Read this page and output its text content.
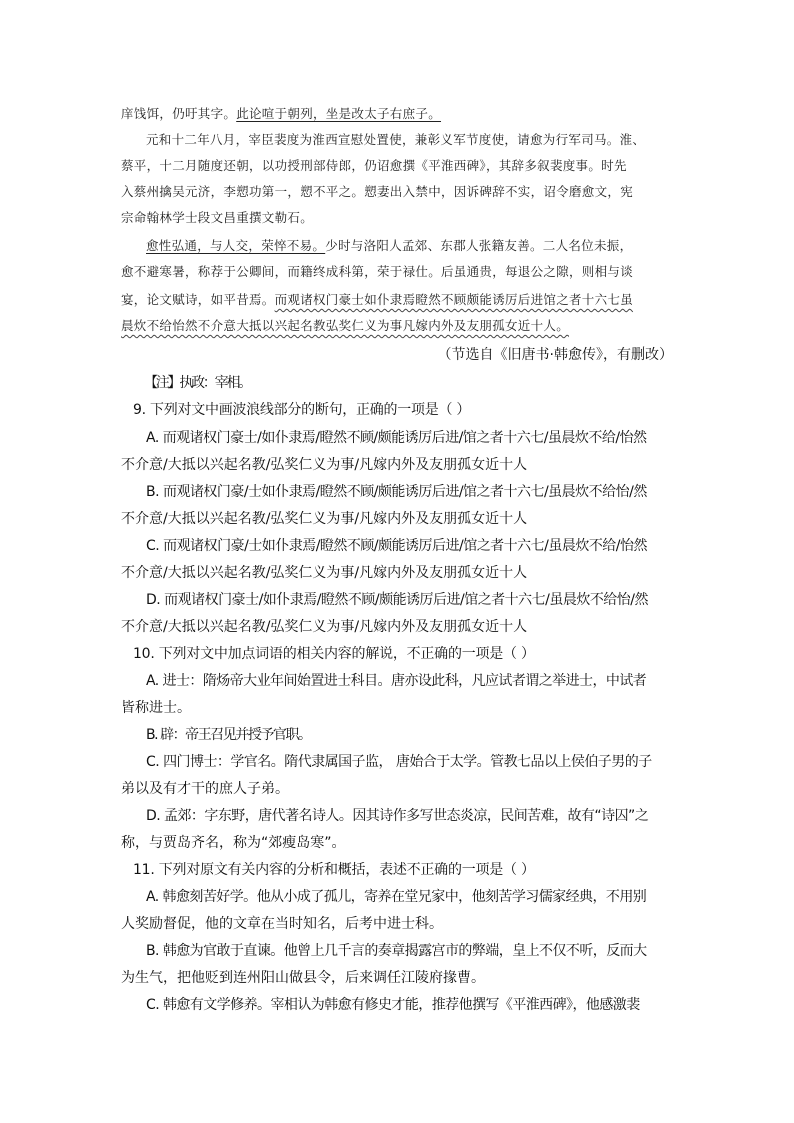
庠饯饵，仍吁其字。此论喧于朝列，坐是改太子右庶子。
元和十二年八月，宰臣裴度为淮西宣慰处置使，兼彰义军节度使，请愈为行军司马。淮、
蔡平，十二月随度还朝，以功授刑部侍郎，仍诏愈撰《平淮西碑》，其辞多叙裴度事。时先
入蔡州擒吴元济，李愬功第一，愬不平之。愬妻出入禁中，因诉碑辞不实，诏令磨愈文，宪
宗命翰林学士段文昌重撰文勒石。
愈性弘通，与人交，荣悴不易。少时与洛阳人孟郊、东郡人张籍友善。二人名位未振，
愈不避寒暑，称荐于公卿间，而籍终成科第，荣于禄仕。后虽通贵，每退公之隙，则相与谈
宴，论文赋诗，如平昔焉。而观诸权门豪士如仆隶焉瞪然不顾颇能诱厉后进馆之者十六七虽
晨炊不给怡然不介意大抵以兴起名教弘奖仁义为事凡嫁内外及友朋孤女近十人。
（节选自《旧唐书·韩愈传》，有删改）
【注】执政：宰相。
9. 下列对文中画波浪线部分的断句，正确的一项是（ ）
A. 而观诸权门豪士/如仆隶焉/瞪然不顾/颇能诱厉后进/馆之者十六七/虽晨炊不给/怡然
不介意/大抵以兴起名教/弘奖仁义为事/凡嫁内外及友朋孤女近十人
B. 而观诸权门豪/士如仆隶焉/瞪然不顾/颇能诱厉后进/馆之者十六七/虽晨炊不给怡/然
不介意/大抵以兴起名教/弘奖仁义为事/凡嫁内外及友朋孤女近十人
C. 而观诸权门豪/士如仆隶焉/瞪然不顾/颇能诱厉后进/馆之者十六七/虽晨炊不给/怡然
不介意/大抵以兴起名教/弘奖仁义为事/凡嫁内外及友朋孤女近十人
D. 而观诸权门豪士/如仆隶焉/瞪然不顾/颇能诱厉后进/馆之者十六七/虽晨炊不给怡/然
不介意/大抵以兴起名教/弘奖仁义为事/凡嫁内外及友朋孤女近十人
10. 下列对文中加点词语的相关内容的解说，不正确的一项是（ ）
A. 进士：隋炀帝大业年间始置进士科目。唐亦设此科，凡应试者谓之举进士，中试者
皆称进士。
B. 辟：帝王召见并授予官职。
C. 四门博士：学官名。隋代隶属国子监， 唐始合于太学。管教七品以上侯伯子男的子
弟以及有才干的庶人子弟。
D. 孟郊：字东野，唐代著名诗人。因其诗作多写世态炎凉，民间苦难，故有“诗囚”之
称，与贾岛齐名，称为“郊瘦岛寒”。
11. 下列对原文有关内容的分析和概括，表述不正确的一项是（ ）
A. 韩愈刻苦好学。他从小成了孤儿，寄养在堂兄家中，他刻苦学习儒家经典，不用别
人奖励督促，他的文章在当时知名，后考中进士科。
B. 韩愈为官敢于直谏。他曾上几千言的奏章揭露宫市的弊端，皇上不仅不听，反而大
为生气，把他贬到连州阳山做县令，后来调任江陵府掾曹。
C. 韩愈有文学修养。宰相认为韩愈有修史才能，推荐他撰写《平淮西碑》，他感激裴
